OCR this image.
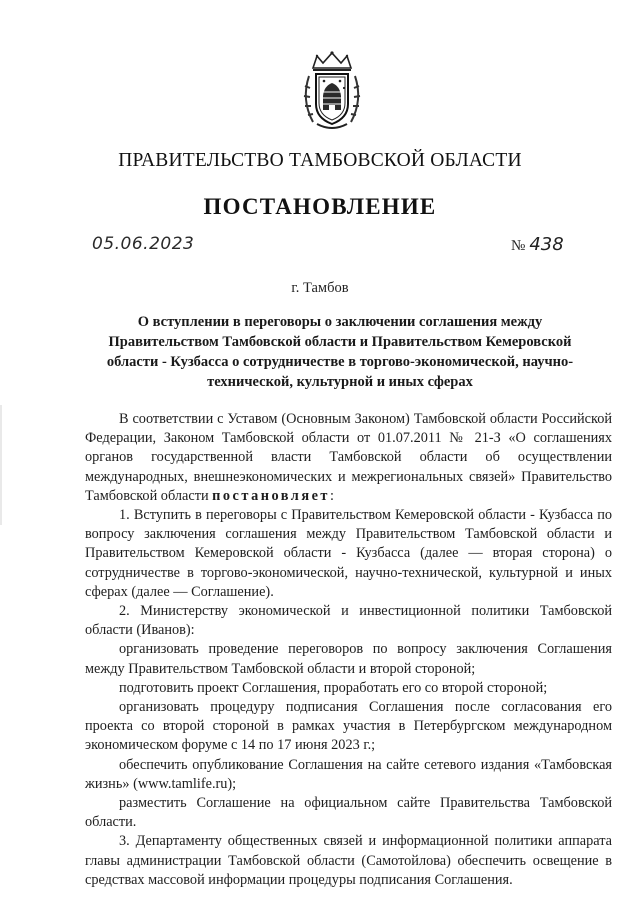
ПРАВИТЕЛЬСТВО ТАМБОВСКОЙ ОБЛАСТИ
ПОСТАНОВЛЕНИЕ
05.06.2023	№ 438
г. Тамбов
О вступлении в переговоры о заключении соглашения между Правительством Тамбовской области и Правительством Кемеровской области - Кузбасса о сотрудничестве в торгово-экономической, научно-технической, культурной и иных сферах

В соответствии с Уставом (Основным Законом) Тамбовской области Российской Федерации, Законом Тамбовской области от 01.07.2011 № 21-З «О соглашениях органов государственной власти Тамбовской области об осуществлении международных, внешнеэкономических и межрегиональных связей» Правительство Тамбовской области постановляет:

1. Вступить в переговоры с Правительством Кемеровской области - Кузбасса по вопросу заключения соглашения между Правительством Тамбовской области и Правительством Кемеровской области - Кузбасса (далее — вторая сторона) о сотрудничестве в торгово-экономической, научно-технической, культурной и иных сферах (далее — Соглашение).

2. Министерству экономической и инвестиционной политики Тамбовской области (Иванов):

организовать проведение переговоров по вопросу заключения Соглашения между Правительством Тамбовской области и второй стороной;

подготовить проект Соглашения, проработать его со второй стороной;

организовать процедуру подписания Соглашения после согласования его проекта со второй стороной в рамках участия в Петербургском международном экономическом форуме с 14 по 17 июня 2023 г.;

обеспечить опубликование Соглашения на сайте сетевого издания «Тамбовская жизнь» (www.tamlife.ru);

разместить Соглашение на официальном сайте Правительства Тамбовской области.

3. Департаменту общественных связей и информационной политики аппарата главы администрации Тамбовской области (Самотойлова) обеспечить освещение в средствах массовой информации процедуры подписания Соглашения.
